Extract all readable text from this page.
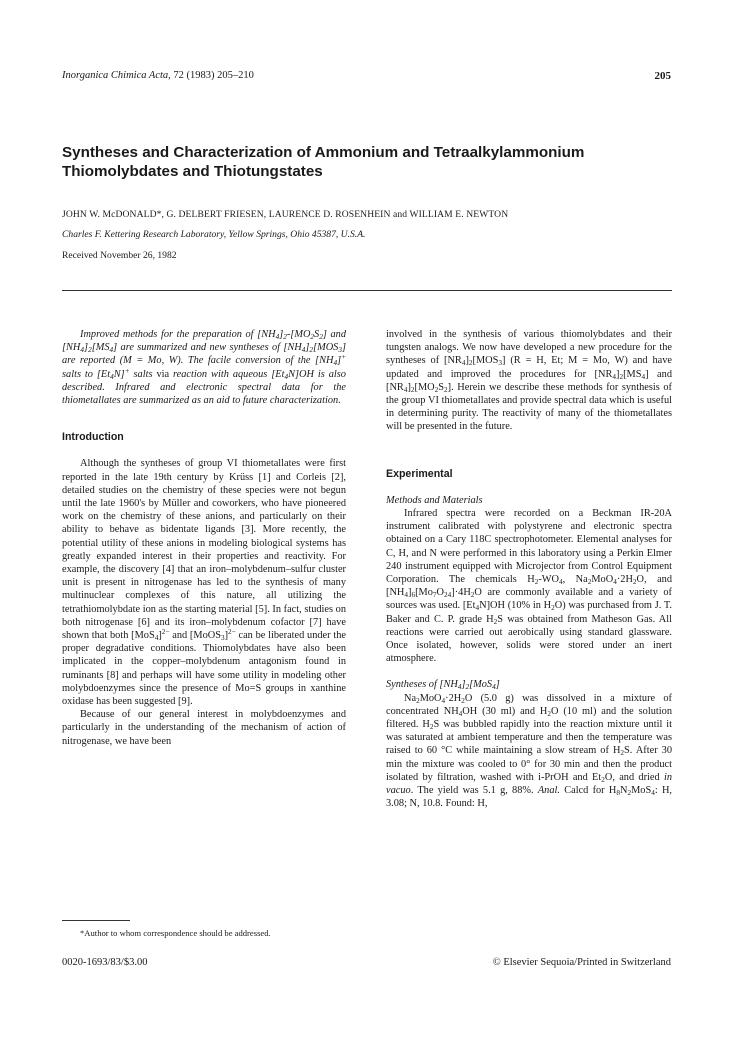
Inorganica Chimica Acta, 72 (1983) 205–210	205
Syntheses and Characterization of Ammonium and Tetraalkylammonium Thiomolybdates and Thiotungstates
JOHN W. McDONALD*, G. DELBERT FRIESEN, LAURENCE D. ROSENHEIN and WILLIAM E. NEWTON
Charles F. Kettering Research Laboratory, Yellow Springs, Ohio 45387, U.S.A.
Received November 26, 1982

Improved methods for the preparation of $[NH_4]_2-[MO_2S_2]$ and $[NH_4]_2[MS_4]$ are summarized and new syntheses of $[NH_4]_2[MOS_3]$ are reported (M = Mo, W). The facile conversion of the $[NH_4]^+$ salts to $[Et_4N]^+$ salts via reaction with aqueous $[Et_4N]OH$ is also described. Infrared and electronic spectral data for the thiometallates are summarized as an aid to future characterization.

Introduction

Although the syntheses of group VI thiometallates were first reported in the late 19th century by Krüss [1] and Corleis [2], detailed studies on the chemistry of these species were not begun until the late 1960's by Müller and coworkers, who have pioneered work on the chemistry of these anions, and particularly on their ability to behave as bidentate ligands [3]. More recently, the potential utility of these anions in modeling biological systems has greatly expanded interest in their properties and reactivity. For example, the discovery [4] that an iron–molybdenum–sulfur cluster unit is present in nitrogenase has led to the synthesis of many multinuclear complexes of this nature, all utilizing the tetrathiomolybdate ion as the starting material [5]. In fact, studies on both nitrogenase [6] and its iron–molybdenum cofactor [7] have shown that both $[MoS_4]^{2-}$ and [MoOS$_3$]$^{2-}$ can be liberated under the proper degradative conditions. Thiomolybdates have also been implicated in the copper–molybdenum antagonism found in ruminants [8] and perhaps will have some utility in modeling other molybdoenzymes since the presence of Mo=S groups in xanthine oxidase has been suggested [9].

Because of our general interest in molybdoenzymes and particularly in the understanding of the mechanism of action of nitrogenase, we have been

involved in the synthesis of various thiomolybdates and their tungsten analogs. We now have developed a new procedure for the syntheses of $[NR_4]_2[MOS_3] (R = H$, Et; M = Mo, W) and have updated and improved the procedures for $[NR_4]_2[MS_4]$ and $[NR_4]_2[MO_2S_2]$. Herein we describe these methods for synthesis of the group VI thiometallates and provide spectral data which is useful in determining purity. The reactivity of many of the thiometallates will be presented in the future.

Experimental

Methods and Materials

Infrared spectra were recorded on a Beckman IR-20A instrument calibrated with polystyrene and electronic spectra obtained on a Cary 118C spectrophotometer. Elemental analyses for C, H, and N were performed in this laboratory using a Perkin Elmer 240 instrument equipped with Microjector from Control Equipment Corporation. The chemicals $H_2-WO_4$, $Na_2MoO_4\cdot 2H_2O$, and $[NH_4]_6[Mo_7O_{24}]\cdot 4H_2O$ are commonly available and a variety of sources was used. $[Et_4N]OH$ (10% in $H_2O$) was purchased from J. T. Baker and C. P. grade $H_2S$ was obtained from Matheson Gas. All reactions were carried out aerobically using standard glassware. Once isolated, however, solids were stored under an inert atmosphere.

Syntheses of $[NH_4]_2[MoS_4]$

$Na_2MoO_4\cdot 2H_2O$ (5.0 g) was dissolved in a mixture of concentrated $NH_4OH$ (30 ml) and $H_2O$ (10 ml) and the solution filtered. $H_2S$ was bubbled rapidly into the reaction mixture until it was saturated at ambient temperature and then the temperature was raised to 60 °C while maintaining a slow stream of $H_2S$. After 30 min the mixture was cooled to 0° for 30 min and then the product isolated by filtration, washed with i-PrOH and $Et_2O$, and dried in vacuo. The yield was 5.1 g, 88%. Anal. Calcd for $H_8N_2MoS_4$: H, 3.08; N, 10.8. Found: H,

*Author to whom correspondence should be addressed.
0020-1693/83/$3.00	© Elsevier Sequoia/Printed in Switzerland
